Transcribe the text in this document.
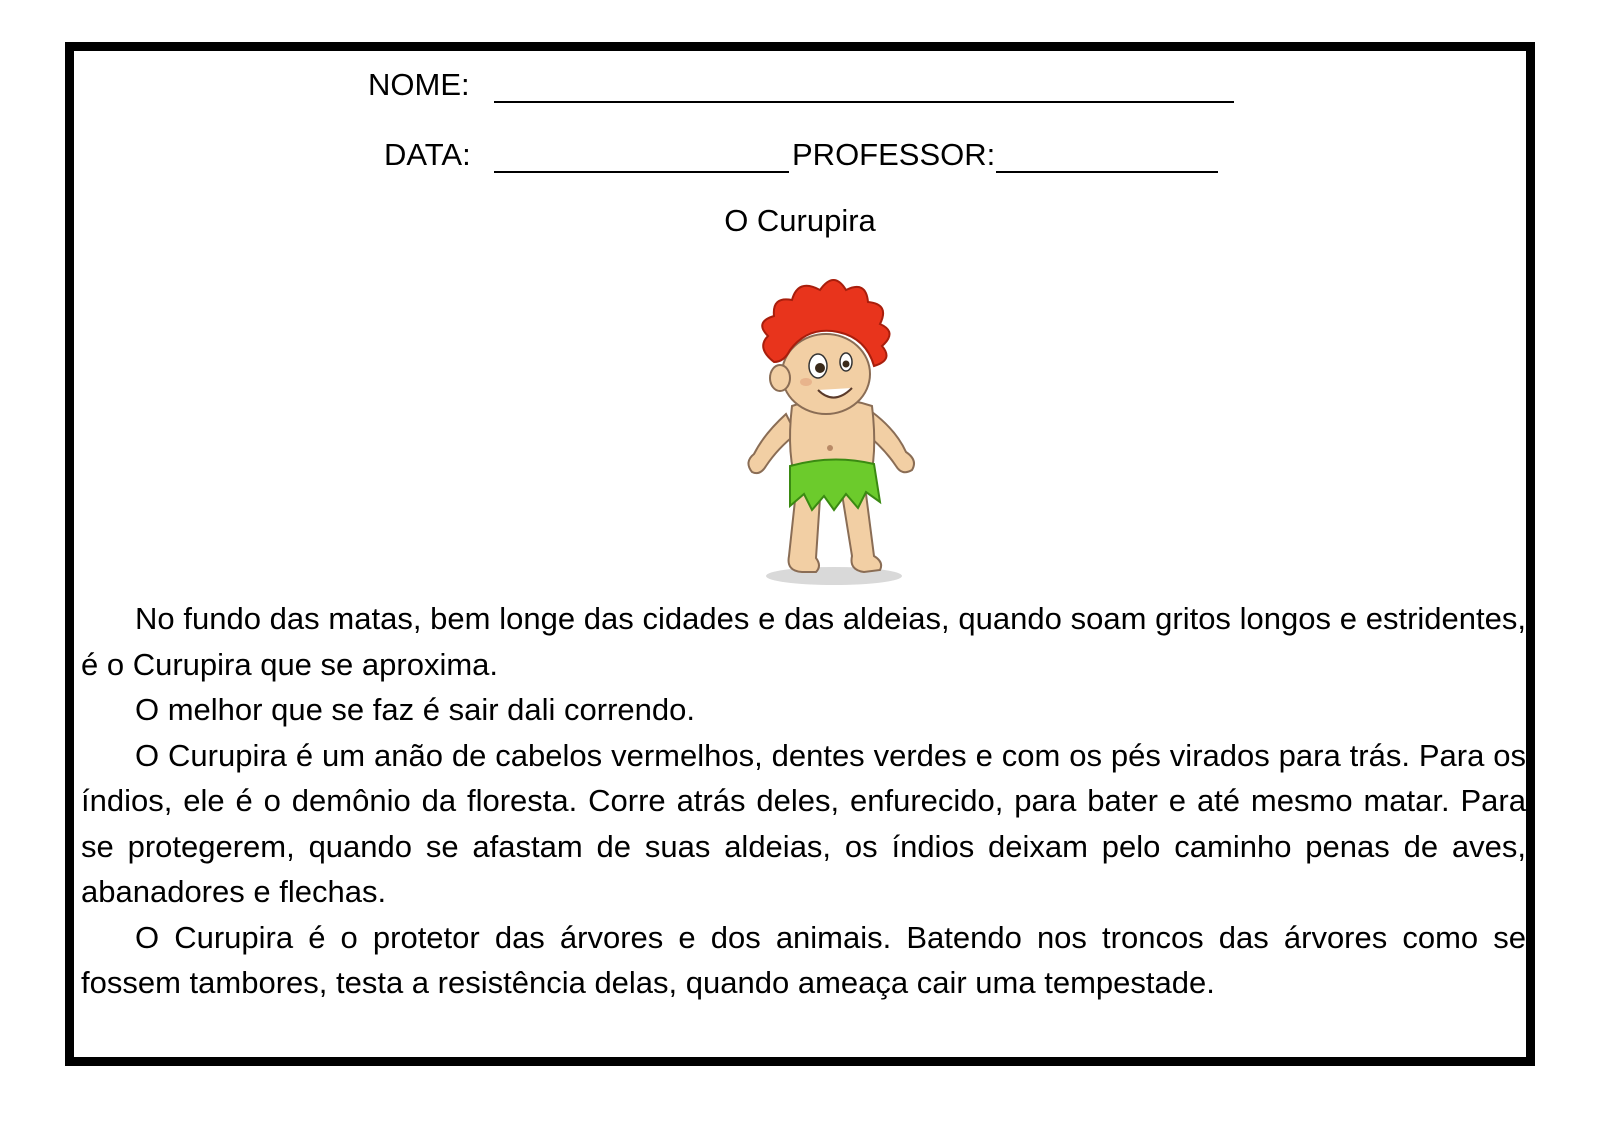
NOME:
DATA:	PROFESSOR:
O Curupira

No fundo das matas, bem longe das cidades e das aldeias, quando soam gritos longos e estridentes, é o Curupira que se aproxima.

O melhor que se faz é sair dali correndo.

O Curupira é um anão de cabelos vermelhos, dentes verdes e com os pés virados para trás. Para os índios, ele é o demônio da floresta. Corre atrás deles, enfurecido, para bater e até mesmo matar. Para se protegerem, quando se afastam de suas aldeias, os índios deixam pelo caminho penas de aves, abanadores e flechas.

O Curupira é o protetor das árvores e dos animais. Batendo nos troncos das árvores como se fossem tambores, testa a resistência delas, quando ameaça cair uma tempestade.
